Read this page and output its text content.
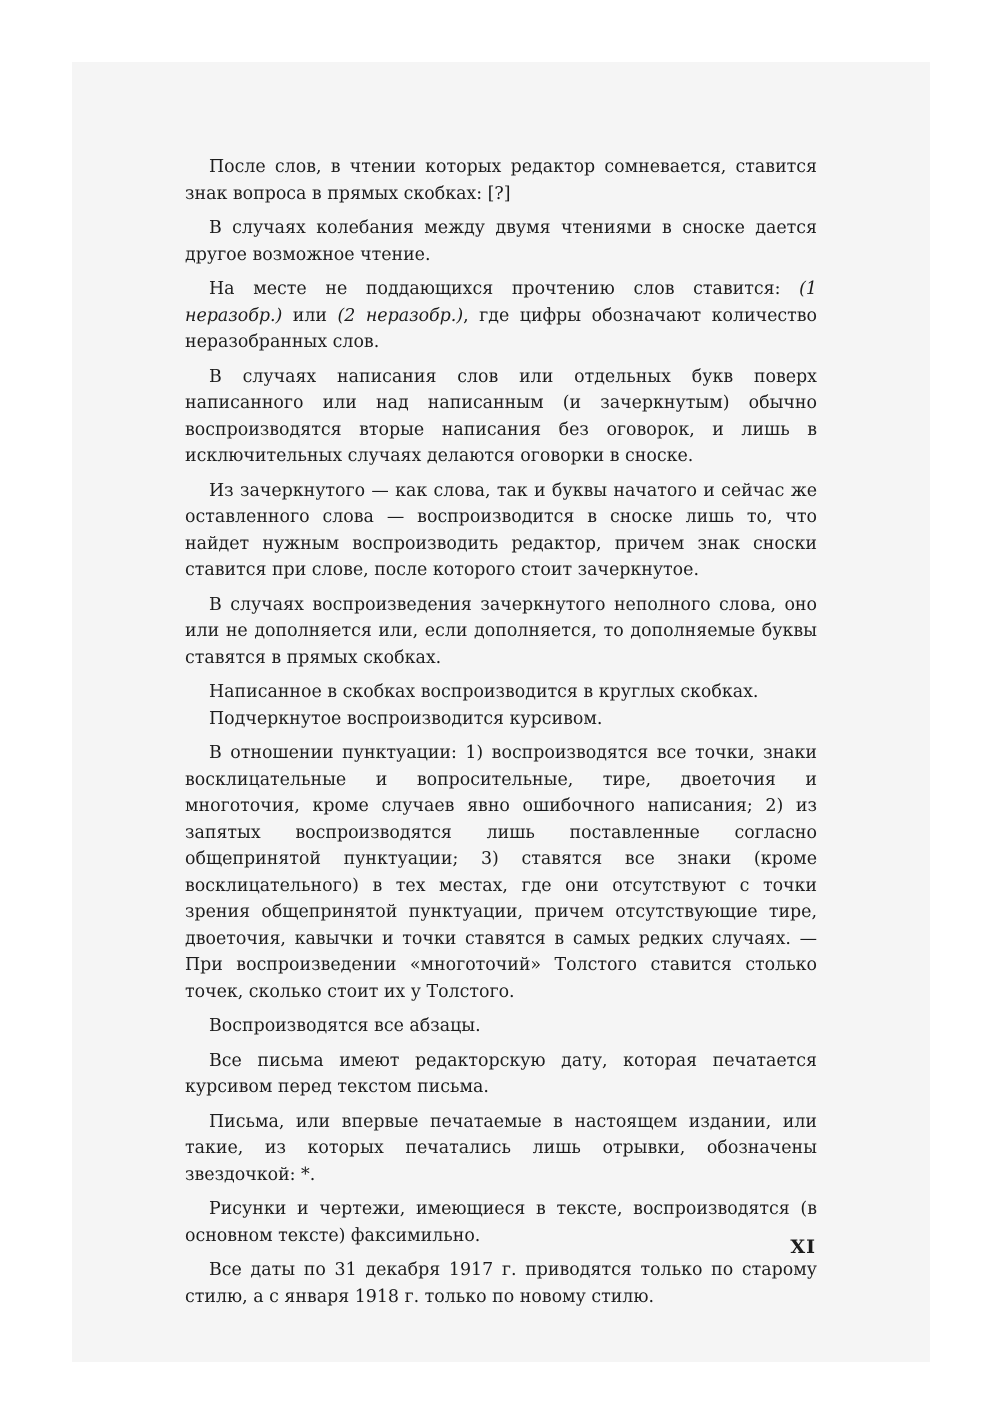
После слов, в чтении которых редактор сомневается, ставится знак вопроса в прямых скобках: [?]

В случаях колебания между двумя чтениями в сноске дается другое возможное чтение.

На месте не поддающихся прочтению слов ставится: (1 неразобр.) или (2 неразобр.), где цифры обозначают количество неразобранных слов.

В случаях написания слов или отдельных букв поверх написанного или над написанным (и зачеркнутым) обычно воспроизводятся вторые написания без оговорок, и лишь в исключительных случаях делаются оговорки в сноске.

Из зачеркнутого — как слова, так и буквы начатого и сейчас же оставленного слова — воспроизводится в сноске лишь то, что найдет нужным воспроизводить редактор, причем знак сноски ставится при слове, после которого стоит зачеркнутое.

В случаях воспроизведения зачеркнутого неполного слова, оно или не дополняется или, если дополняется, то дополняемые буквы ставятся в прямых скобках.

Написанное в скобках воспроизводится в круглых скобках.

Подчеркнутое воспроизводится курсивом.

В отношении пунктуации: 1) воспроизводятся все точки, знаки восклицательные и вопросительные, тире, двоеточия и многоточия, кроме случаев явно ошибочного написания; 2) из запятых воспроизводятся лишь поставленные согласно общепринятой пунктуации; 3) ставятся все знаки (кроме восклицательного) в тех местах, где они отсутствуют с точки зрения общепринятой пунктуации, причем отсутствующие тире, двоеточия, кавычки и точки ставятся в самых редких случаях. — При воспроизведении «многоточий» Толстого ставится столько точек, сколько стоит их у Толстого.

Воспроизводятся все абзацы.

Все письма имеют редакторскую дату, которая печатается курсивом перед текстом письма.

Письма, или впервые печатаемые в настоящем издании, или такие, из которых печатались лишь отрывки, обозначены звездочкой: *.

Рисунки и чертежи, имеющиеся в тексте, воспроизводятся (в основном тексте) факсимильно.

Все даты по 31 декабря 1917 г. приводятся только по старому стилю, а с января 1918 г. только по новому стилю.

XI
